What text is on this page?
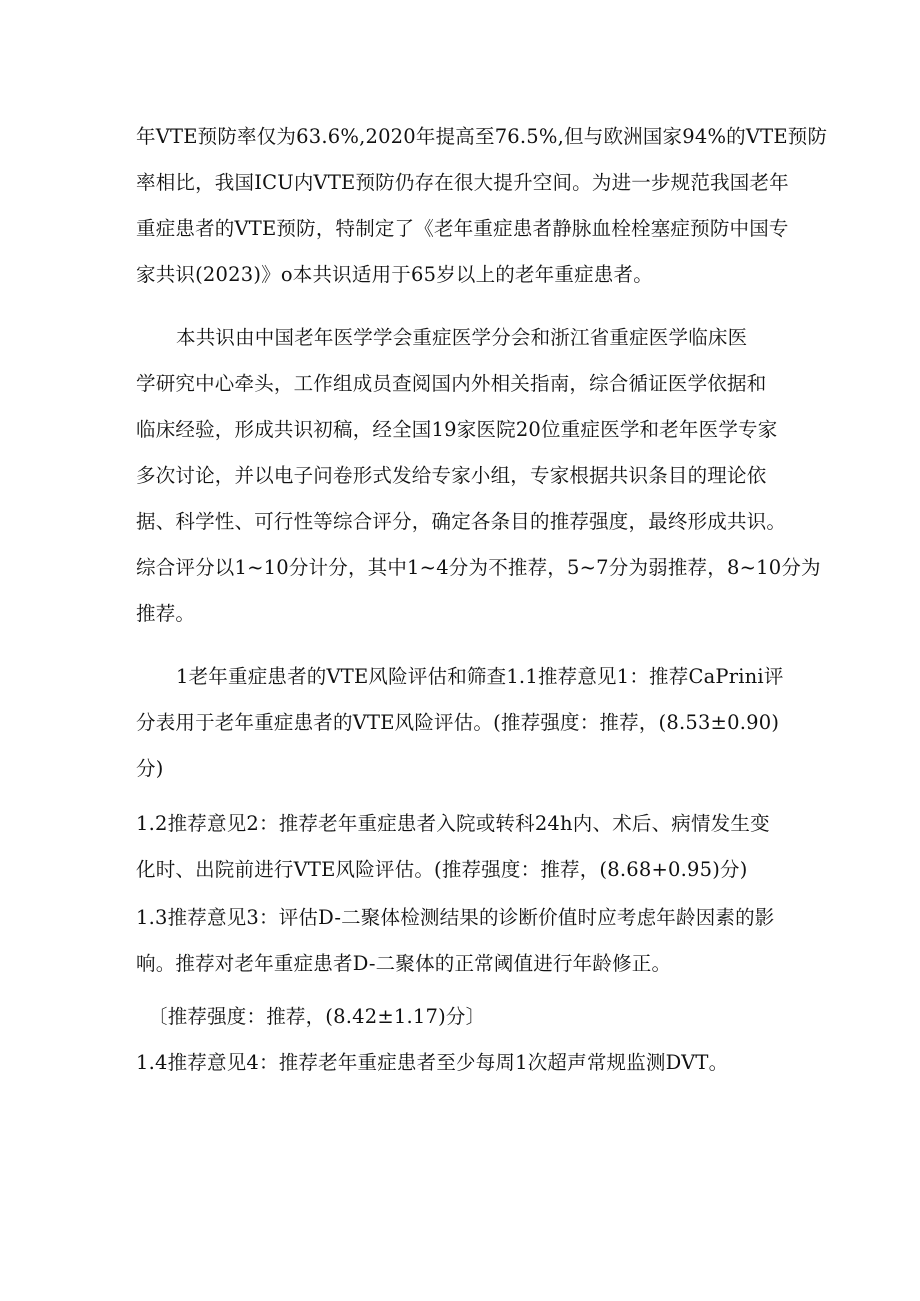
年VTE预防率仅为63.6%,2020年提高至76.5%,但与欧洲国家94%的VTE预防
率相比，我国ICU内VTE预防仍存在很大提升空间。为进一步规范我国老年
重症患者的VTE预防，特制定了《老年重症患者静脉血栓栓塞症预防中国专
家共识(2023)》o本共识适用于65岁以上的老年重症患者。
本共识由中国老年医学学会重症医学分会和浙江省重症医学临床医
学研究中心牵头，工作组成员查阅国内外相关指南，综合循证医学依据和
临床经验，形成共识初稿，经全国19家医院20位重症医学和老年医学专家
多次讨论，并以电子问卷形式发给专家小组，专家根据共识条目的理论依
据、科学性、可行性等综合评分，确定各条目的推荐强度，最终形成共识。
综合评分以1~10分计分，其中1~4分为不推荐，5~7分为弱推荐，8~10分为
推荐。
1老年重症患者的VTE风险评估和筛查1.1推荐意见1：推荐CaPrini评
分表用于老年重症患者的VTE风险评估。(推荐强度：推荐，(8.53±0.90)
分)
1.2推荐意见2：推荐老年重症患者入院或转科24h内、术后、病情发生变
化时、出院前进行VTE风险评估。(推荐强度：推荐，(8.68+0.95)分)
1.3推荐意见3：评估D-二聚体检测结果的诊断价值时应考虑年龄因素的影
响。推荐对老年重症患者D-二聚体的正常阈值进行年龄修正。
〔推荐强度：推荐，(8.42±1.17)分〕
1.4推荐意见4：推荐老年重症患者至少每周1次超声常规监测DVT。
